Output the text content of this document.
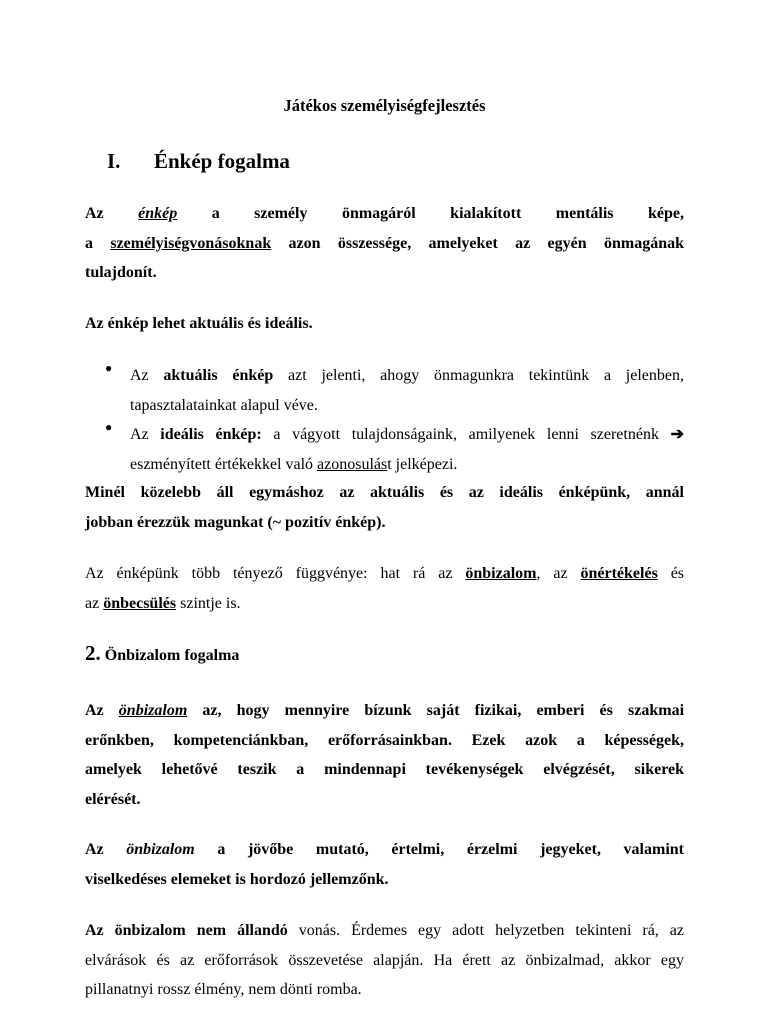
Játékos személyiségfejlesztés
I. Énkép fogalma

Az énkép a személy önmagáról kialakított mentális képe,

a személyiségvonásoknak azon összessége, amelyeket az egyén önmagának

tulajdonít.

Az énkép lehet aktuális és ideális.

● Az aktuális énkép azt jelenti, ahogy önmagunkra tekintünk a jelenben,

tapasztalatainkat alapul véve.

● Az ideális énkép: a vágyott tulajdonságaink, amilyenek lenni szeretnénk ➔

eszményített értékekkel való azonosulást jelképezi.

Minél közelebb áll egymáshoz az aktuális és az ideális énképünk, annál

jobban érezzük magunkat (~ pozitív énkép).

Az énképünk több tényező függvénye: hat rá az önbizalom, az önértékelés és

az önbecsülés szintje is.

2. Önbizalom fogalma

Az önbizalom az, hogy mennyire bízunk saját fizikai, emberi és szakmai

erőnkben, kompetenciánkban, erőforrásainkban. Ezek azok a képességek,

amelyek lehetővé teszik a mindennapi tevékenységek elvégzését, sikerek

elérését.

Az önbizalom a jövőbe mutató, értelmi, érzelmi jegyeket, valamint

viselkedéses elemeket is hordozó jellemzőnk.

Az önbizalom nem állandó vonás. Érdemes egy adott helyzetben tekinteni rá, az

elvárások és az erőforrások összevetése alapján. Ha érett az önbizalmad, akkor egy

pillanatnyi rossz élmény, nem dönti romba.
